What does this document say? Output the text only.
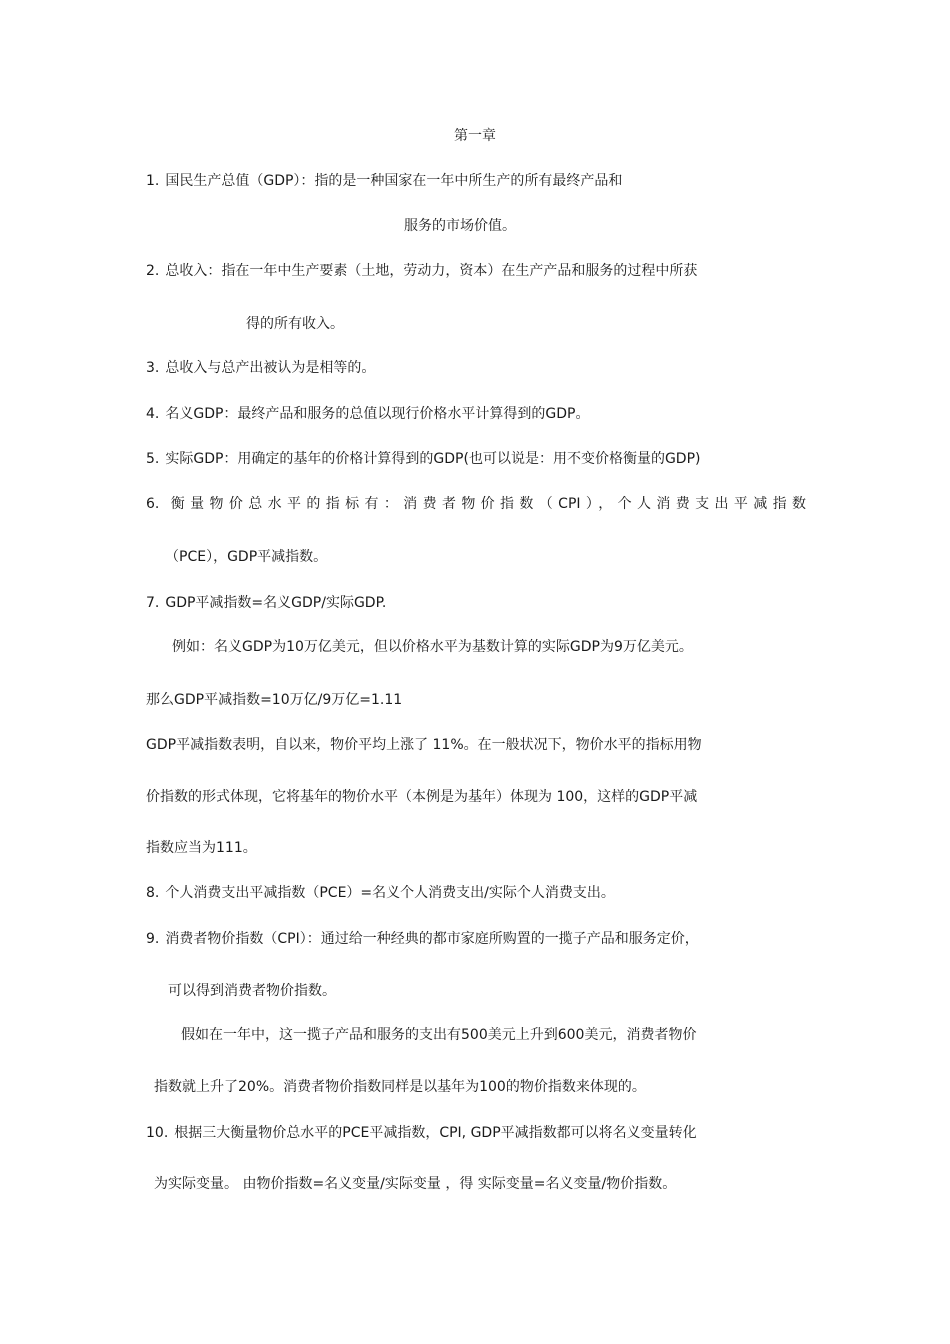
第一章
1. 国民生产总值（GDP）：指的是一种国家在一年中所生产的所有最终产品和
服务的市场价值。
2. 总收入：指在一年中生产要素（土地，劳动力，资本）在生产产品和服务的过程中所获
得的所有收入。
3. 总收入与总产出被认为是相等的。
4. 名义GDP：最终产品和服务的总值以现行价格水平计算得到的GDP。
5. 实际GDP：用确定的基年的价格计算得到的GDP(也可以说是：用不变价格衡量的GDP)
6. 衡量物价总水平的指标有：消费者物价指数（CPI），个人消费支出平减指数
（PCE），GDP平减指数。
7. GDP平减指数=名义GDP/实际GDP.
例如：名义GDP为10万亿美元，但以价格水平为基数计算的实际GDP为9万亿美元。
那么GDP平减指数=10万亿/9万亿=1.11
GDP平减指数表明，自以来，物价平均上涨了 11%。在一般状况下，物价水平的指标用物
价指数的形式体现，它将基年的物价水平（本例是为基年）体现为 100，这样的GDP平减
指数应当为111。
8. 个人消费支出平减指数（PCE）=名义个人消费支出/实际个人消费支出。
9. 消费者物价指数（CPI）：通过给一种经典的都市家庭所购置的一揽子产品和服务定价，
可以得到消费者物价指数。
假如在一年中，这一揽子产品和服务的支出有500美元上升到600美元，消费者物价
指数就上升了20%。消费者物价指数同样是以基年为100的物价指数来体现的。
10. 根据三大衡量物价总水平的PCE平减指数，CPI, GDP平减指数都可以将名义变量转化
为实际变量。 由物价指数=名义变量/实际变量 ，得 实际变量=名义变量/物价指数。
